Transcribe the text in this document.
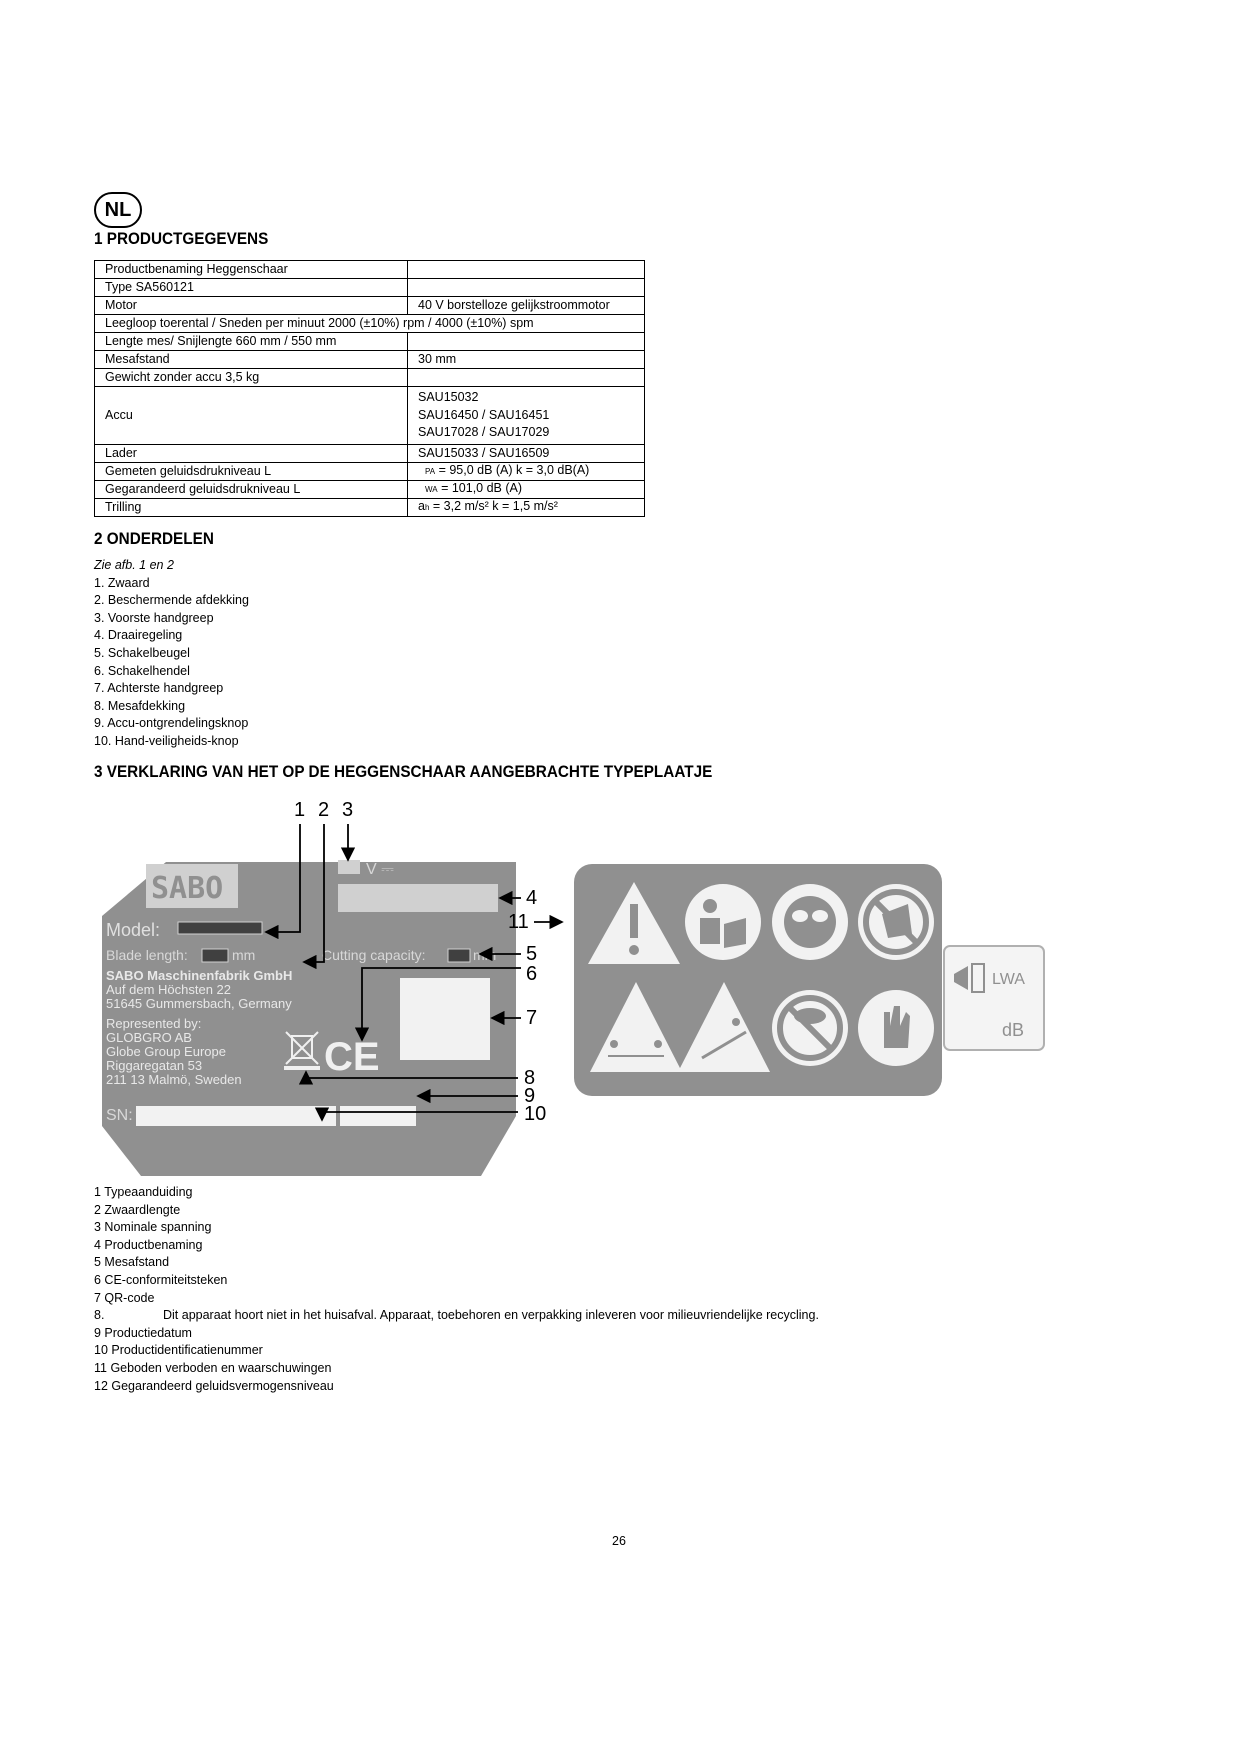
NL
1 PRODUCTGEGEVENS
Productbenaming Heggenschaar	
Type SA560121	
Motor	40 V borstelloze gelijkstroommotor
Leegloop toerental / Sneden per minuut 2000 (±10%) rpm / 4000 (±10%) spm	
Lengte mes/ Snijlengte 660 mm / 550 mm	
Mesafstand	30 mm
Gewicht zonder accu 3,5 kg	
Accu	SAU15032
SAU16450 / SAU16451
SAU17028 / SAU17029

Lader	SAU15033 / SAU16509
Gemeten geluidsdrukniveau L	PA = 95,0 dB (A) k = 3,0 dB(A)
Gegarandeerd geluidsdrukniveau L	WA = 101,0 dB (A)
Trilling	ah = 3,2 m/s² k = 1,5 m/s²
2 ONDERDELEN
Zie afb. 1 en 2
1. Zwaard
2. Beschermende afdekking
3. Voorste handgreep
4. Draairegeling
5. Schakelbeugel
6. Schakelhendel
7. Achterste handgreep
8. Mesafdekking
9. Accu-ontgrendelingsknop
10. Hand-veiligheids-knop
3 VERKLARING VAN HET OP DE HEGGENSCHAAR AANGEBRACHTE TYPEPLAATJE
1 2 3
SABO
V ⎓
Model:
Blade length:	mm	Cutting capacity:	mm
SABO Maschinenfabrik GmbH
Auf dem Höchsten 22
51645 Gummersbach, Germany
Represented by:
GLOBGRO AB
Globe Group Europe
Riggaregatan 53
211 13 Malmö, Sweden
CE
SN:
4
5
6
7
8
9
10
11
LWA
dB
1 Typeaanduiding
2 Zwaardlengte
3 Nominale spanning
4 Productbenaming
5 Mesafstand
6 CE-conformiteitsteken
7 QR-code
8.	Dit apparaat hoort niet in het huisafval. Apparaat, toebehoren en verpakking inleveren voor milieuvriendelijke recycling.
9 Productiedatum
10 Productidentificatienummer
11 Geboden verboden en waarschuwingen
12 Gegarandeerd geluidsvermogensniveau
26
